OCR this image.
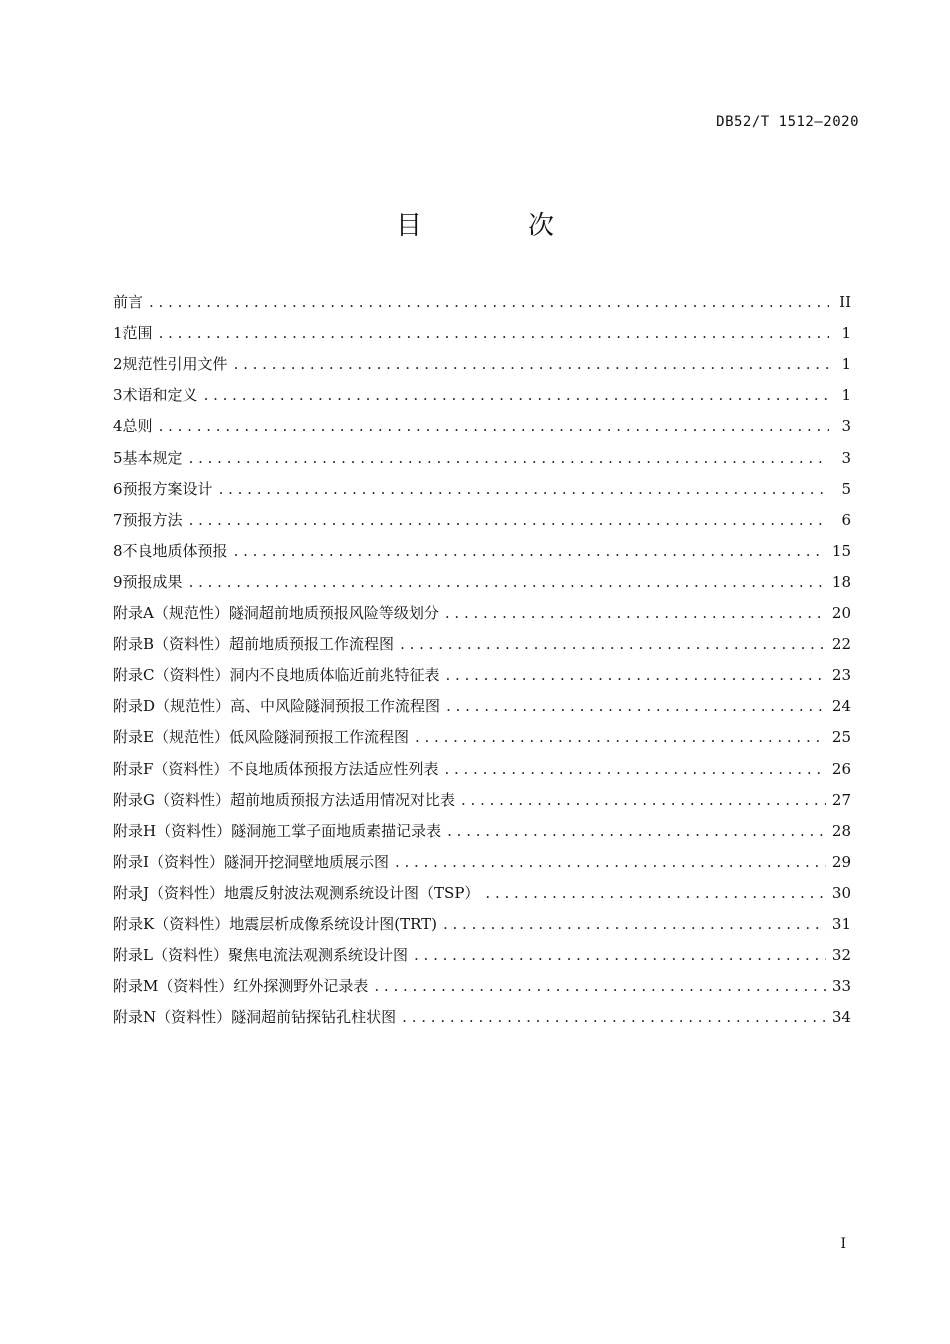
DB52/T 1512—2020
目　次
前言 . . .	II
1 范围 . . .	1
2 规范性引用文件 . . .	1
3 术语和定义 . . .	1
4 总则 . . .	3
5 基本规定 . . .	3
6 预报方案设计 . . .	5
7 预报方法 . . .	6
8 不良地质体预报 . . .	15
9 预报成果 . . .	18
附录A （规范性） 隧洞超前地质预报风险等级划分 . . .	20
附录B （资料性） 超前地质预报工作流程图 . . .	22
附录C （资料性） 洞内不良地质体临近前兆特征表 . . .	23
附录D （规范性） 高、中风险隧洞预报工作流程图 . . .	24
附录E （规范性） 低风险隧洞预报工作流程图 . . .	25
附录F （资料性） 不良地质体预报方法适应性列表 . . .	26
附录G （资料性） 超前地质预报方法适用情况对比表 . . .	27
附录H （资料性） 隧洞施工掌子面地质素描记录表 . . .	28
附录I （资料性） 隧洞开挖洞壁地质展示图 . . .	29
附录J （资料性） 地震反射波法观测系统设计图（TSP） . . .	30
附录K （资料性） 地震层析成像系统设计图(TRT) . . .	31
附录L （资料性） 聚焦电流法观测系统设计图 . . .	32
附录M （资料性） 红外探测野外记录表 . . .	33
附录N （资料性） 隧洞超前钻探钻孔柱状图 . . .	34
I
